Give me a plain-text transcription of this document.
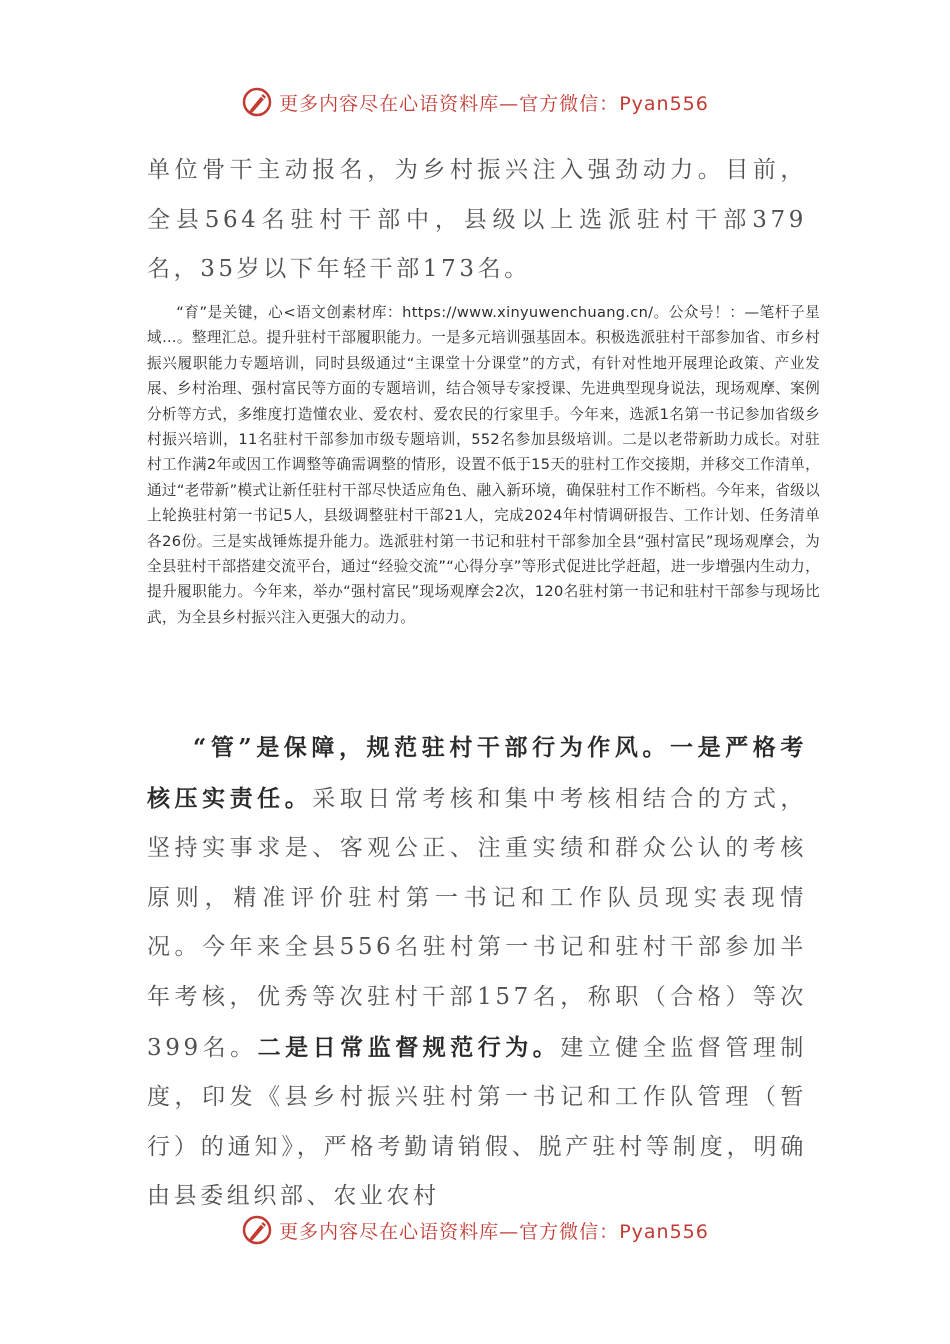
更多内容尽在心语资料库—官方微信：Pyan556

单位骨干主动报名，为乡村振兴注入强劲动力。目前，全县564名驻村干部中，县级以上选派驻村干部379名，35岁以下年轻干部173名。

“育”是关键，心<语文创素材库：https://www.xinyuwenchuang.cn/。公众号！：—笔杆子星域…。整理汇总。提升驻村干部履职能力。一是多元培训强基固本。积极选派驻村干部参加省、市乡村振兴履职能力专题培训，同时县级通过“主课堂十分课堂”的方式，有针对性地开展理论政策、产业发展、乡村治理、强村富民等方面的专题培训，结合领导专家授课、先进典型现身说法，现场观摩、案例分析等方式，多维度打造懂农业、爱农村、爱农民的行家里手。今年来，选派1名第一书记参加省级乡村振兴培训，11名驻村干部参加市级专题培训，552名参加县级培训。二是以老带新助力成长。对驻村工作满2年或因工作调整等确需调整的情形，设置不低于15天的驻村工作交接期，并移交工作清单，通过“老带新”模式让新任驻村干部尽快适应角色、融入新环境，确保驻村工作不断档。今年来，省级以上轮换驻村第一书记5人，县级调整驻村干部21人，完成2024年村情调研报告、工作计划、任务清单各26份。三是实战锤炼提升能力。选派驻村第一书记和驻村干部参加全县“强村富民”现场观摩会，为全县驻村干部搭建交流平台，通过“经验交流”“心得分享”等形式促进比学赶超，进一步增强内生动力，提升履职能力。今年来，举办“强村富民”现场观摩会2次，120名驻村第一书记和驻村干部参与现场比武，为全县乡村振兴注入更强大的动力。

“管”是保障，规范驻村干部行为作风。一是严格考核压实责任。采取日常考核和集中考核相结合的方式，坚持实事求是、客观公正、注重实绩和群众公认的考核原则，精准评价驻村第一书记和工作队员现实表现情况。今年来全县556名驻村第一书记和驻村干部参加半年考核，优秀等次驻村干部157名，称职（合格）等次399名。二是日常监督规范行为。建立健全监督管理制度，印发《县乡村振兴驻村第一书记和工作队管理（暂行）的通知》，严格考勤请销假、脱产驻村等制度，明确由县委组织部、农业农村

更多内容尽在心语资料库—官方微信：Pyan556
